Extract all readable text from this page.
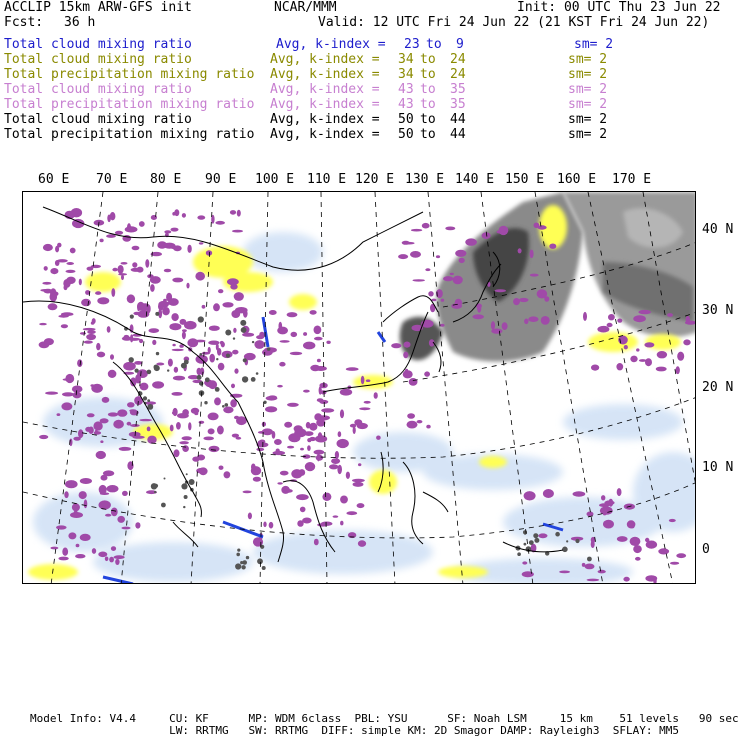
ACCLIP 15km ARW-GFS init	NCAR/MMM	Init: 00 UTC Thu 23 Jun 22
Fcst: 36 h	Valid: 12 UTC Fri 24 Jun 22 (21 KST Fri 24 Jun 22)
Total cloud mixing ratio	Avg, k-index = 23 to 9	sm= 2
Total cloud mixing ratio	Avg, k-index = 34 to 24	sm= 2
Total precipitation mixing ratio Avg, k-index = 34 to 24	sm= 2
Total cloud mixing ratio	Avg, k-index = 43 to 35	sm= 2
Total precipitation mixing ratio Avg, k-index = 43 to 35	sm= 2
Total cloud mixing ratio	Avg, k-index = 50 to 44	sm= 2
Total precipitation mixing ratio Avg, k-index = 50 to 44	sm= 2
60 E 70 E 80 E 90 E 100 E 110 E 120 E 130 E 140 E 150 E 160 E 170 E
40 N
30 N
20 N
10 N
0
Model Info: V4.4     CU: KF      MP: WDM 6class  PBL: YSU      SF: Noah LSM     15 km    51 levels   90 sec
LW: RRTMG   SW: RRTMG  DIFF: simple KM: 2D Smagor DAMP: Rayleigh3  SFLAY: MM5
